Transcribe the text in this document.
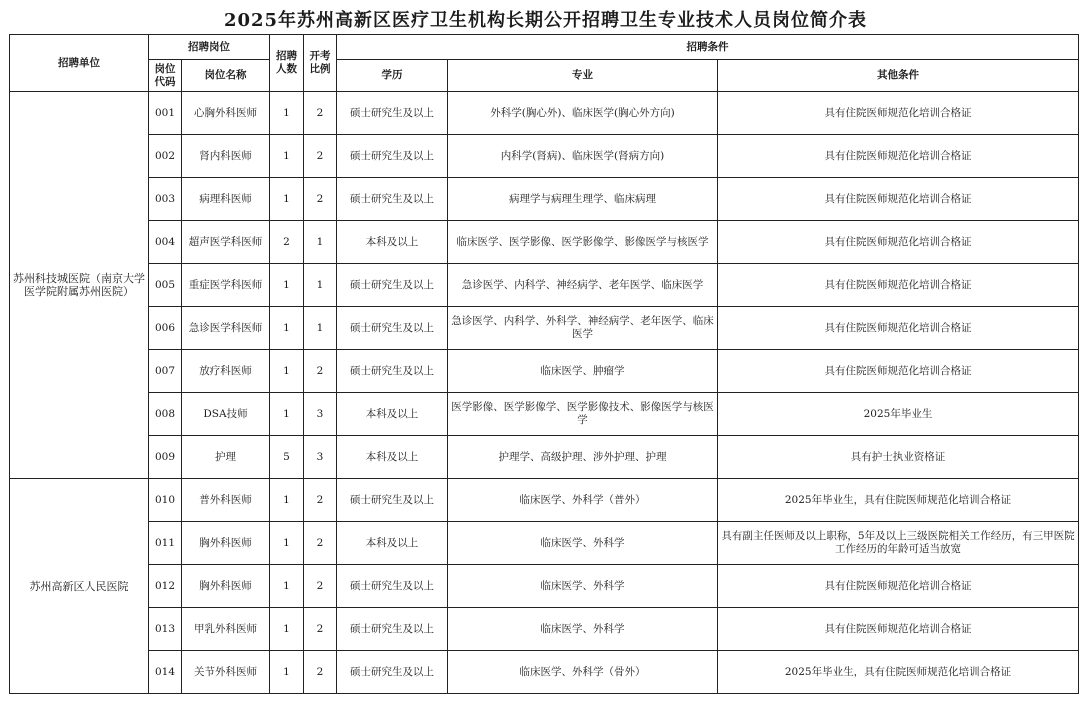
2025年苏州高新区医疗卫生机构长期公开招聘卫生专业技术人员岗位简介表
招聘单位	招聘岗位		招聘人数	开考比例	招聘条件		
	岗位代码	岗位名称			学历	专业	其他条件
苏州科技城医院（南京大学医学院附属苏州医院）	001	心胸外科医师	1	2	硕士研究生及以上	外科学(胸心外)、临床医学(胸心外方向)	具有住院医师规范化培训合格证
	002	肾内科医师	1	2	硕士研究生及以上	内科学(肾病)、临床医学(肾病方向)	具有住院医师规范化培训合格证
	003	病理科医师	1	2	硕士研究生及以上	病理学与病理生理学、临床病理	具有住院医师规范化培训合格证
	004	超声医学科医师	2	1	本科及以上	临床医学、医学影像、医学影像学、影像医学与核医学	具有住院医师规范化培训合格证
	005	重症医学科医师	1	1	硕士研究生及以上	急诊医学、内科学、神经病学、老年医学、临床医学	具有住院医师规范化培训合格证
	006	急诊医学科医师	1	1	硕士研究生及以上	急诊医学、内科学、外科学、神经病学、老年医学、临床医学	具有住院医师规范化培训合格证
	007	放疗科医师	1	2	硕士研究生及以上	临床医学、肿瘤学	具有住院医师规范化培训合格证
	008	DSA技师	1	3	本科及以上	医学影像、医学影像学、医学影像技术、影像医学与核医学	2025年毕业生
	009	护理	5	3	本科及以上	护理学、高级护理、涉外护理、护理	具有护士执业资格证
苏州高新区人民医院	010	普外科医师	1	2	硕士研究生及以上	临床医学、外科学（普外）	2025年毕业生，具有住院医师规范化培训合格证
	011	胸外科医师	1	2	本科及以上	临床医学、外科学	具有副主任医师及以上职称，5年及以上三级医院相关工作经历，有三甲医院工作经历的年龄可适当放宽
	012	胸外科医师	1	2	硕士研究生及以上	临床医学、外科学	具有住院医师规范化培训合格证
	013	甲乳外科医师	1	2	硕士研究生及以上	临床医学、外科学	具有住院医师规范化培训合格证
	014	关节外科医师	1	2	硕士研究生及以上	临床医学、外科学（骨外）	2025年毕业生，具有住院医师规范化培训合格证
